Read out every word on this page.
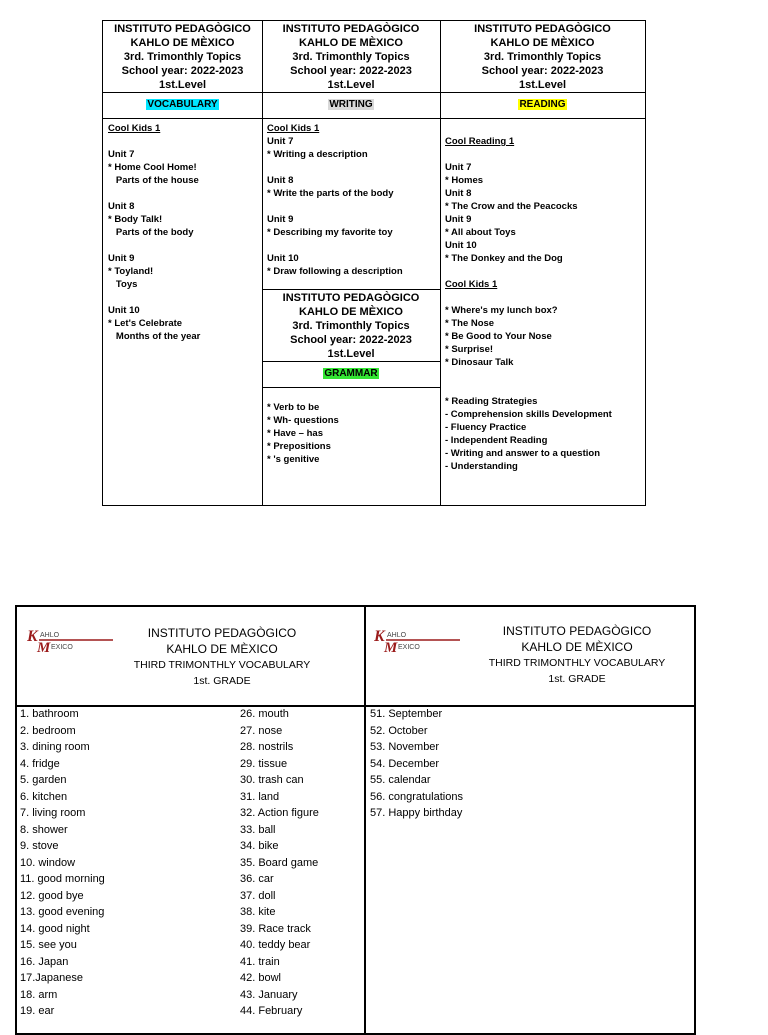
INSTITUTO PEDAGÒGICO
KAHLO DE MÈXICO
3rd. Trimonthly Topics
School year: 2022-2023
1st.Level
VOCABULARY
Cool Kids 1

Unit 7
* Home Cool Home!
Parts of the house

Unit 8
* Body Talk!
Parts of the body

Unit 9
* Toyland!
Toys

Unit 10
* Let's Celebrate
Months of the year
INSTITUTO PEDAGÒGICO
KAHLO DE MÈXICO
3rd. Trimonthly Topics
School year: 2022-2023
1st.Level
WRITING
Cool Kids 1
Unit 7
* Writing a description

Unit 8
* Write the parts of the body

Unit 9
* Describing my favorite toy

Unit 10
* Draw following a description
INSTITUTO PEDAGÒGICO
KAHLO DE MÈXICO
3rd. Trimonthly Topics
School year: 2022-2023
1st.Level
GRAMMAR
* Verb to be
* Wh- questions
* Have – has
* Prepositions
* 's genitive
INSTITUTO PEDAGÒGICO
KAHLO DE MÈXICO
3rd. Trimonthly Topics
School year: 2022-2023
1st.Level
READING
Cool Reading 1

Unit 7
* Homes
Unit 8
* The Crow and the Peacocks
Unit 9
* All about Toys
Unit 10
* The Donkey and the Dog

Cool Kids 1

* Where's my lunch box?
* The Nose
* Be Good to Your Nose
* Surprise!
* Dinosaur Talk

* Reading Strategies
- Comprehension skills Development
- Fluency Practice
- Independent Reading
- Writing and answer to a question
- Understanding
K AHLO
M EXICO
INSTITUTO PEDAGÒGICO
KAHLO DE MÈXICO
THIRD TRIMONTHLY VOCABULARY
1st. GRADE
K AHLO
M EXICO
INSTITUTO PEDAGÒGICO
KAHLO DE MÈXICO
THIRD TRIMONTHLY VOCABULARY
1st. GRADE
1. bathroom
2. bedroom
3. dining room
4. fridge
5. garden
6. kitchen
7. living room
8. shower
9. stove
10. window
11. good morning
12. good bye
13. good evening
14. good night
15. see you
16. Japan
17.Japanese
18. arm
19. ear
26. mouth
27. nose
28. nostrils
29. tissue
30. trash can
31. land
32. Action figure
33. ball
34. bike
35. Board game
36. car
37. doll
38. kite
39. Race track
40. teddy bear
41. train
42. bowl
43. January
44. February
51. September
52. October
53. November
54. December
55. calendar
56. congratulations
57. Happy birthday
